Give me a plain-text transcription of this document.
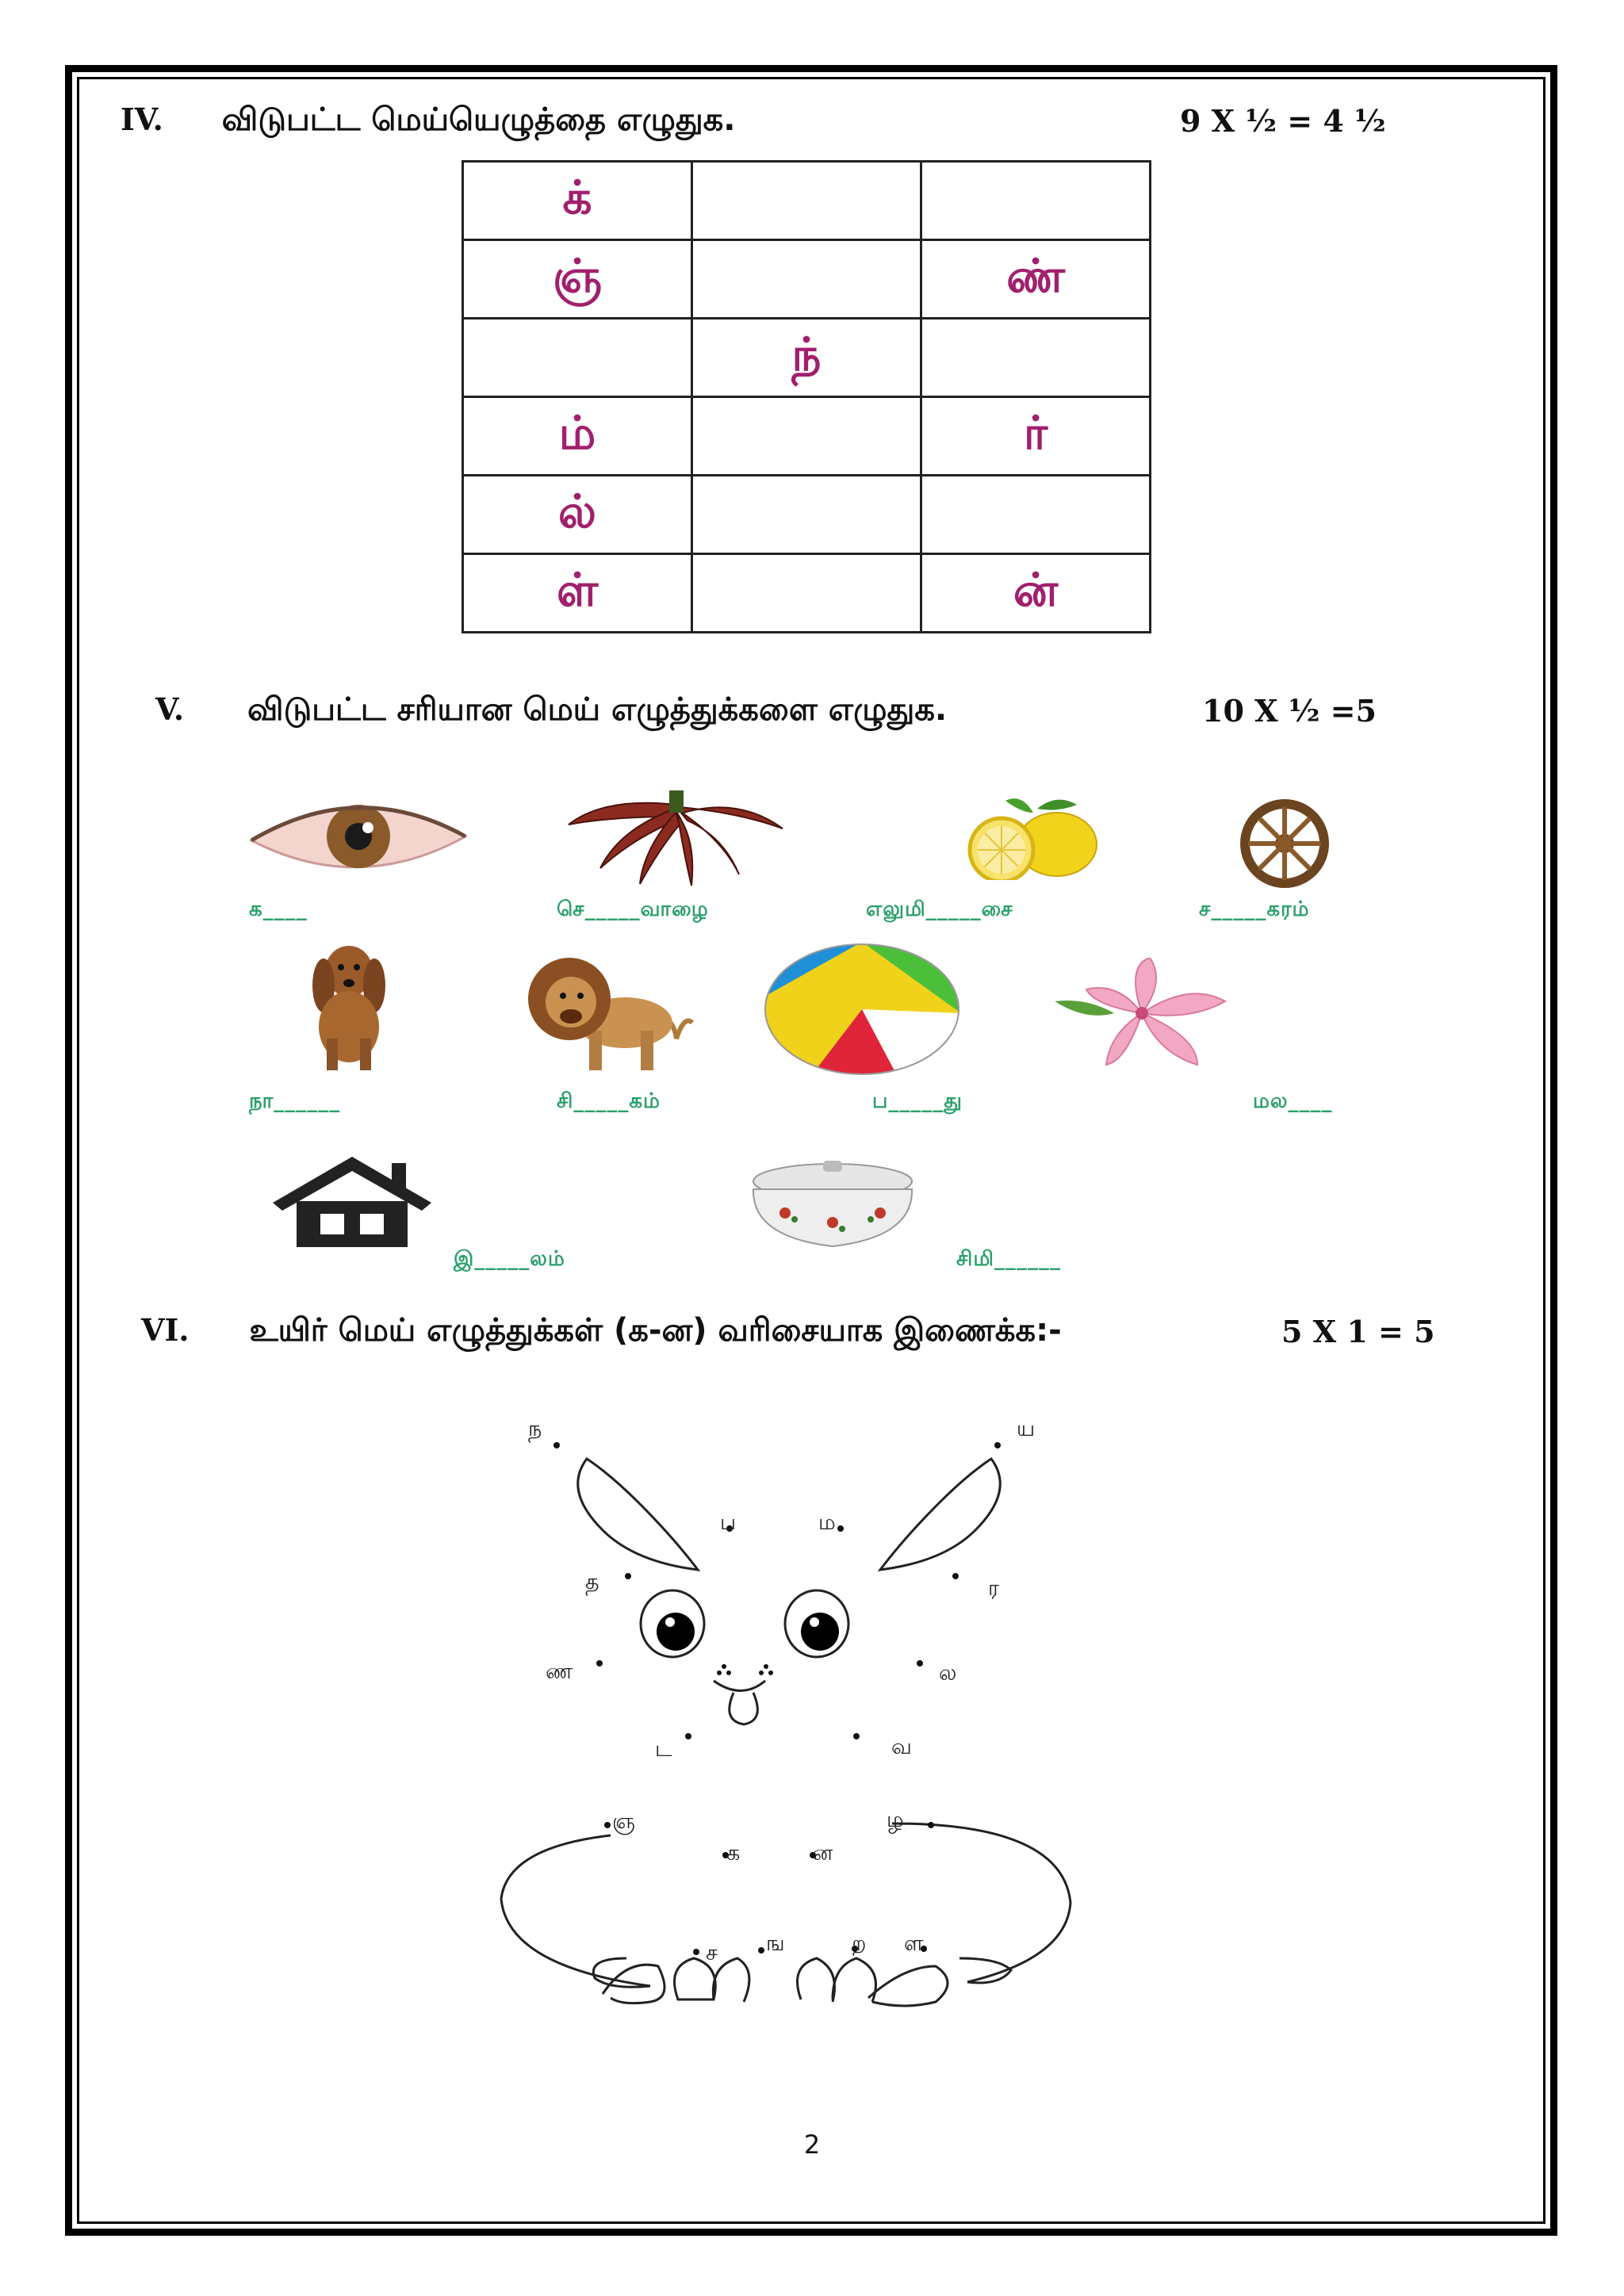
IV. விடுபட்ட மெய்யெழுத்தை எழுதுக.	9 X ½ = 4 ½
க்		
ஞ்		ண்
	ந்	
ம்		ர்
ல்		
ள்		ன்
V. விடுபட்ட சரியான மெய் எழுத்துக்களை எழுதுக.	10 X ½ =5
க____	செ_____வாழை	எலுமி_____சை	ச_____கரம்
நா______	சி_____கம்	ப_____து	மல____
இ_____லம்	சிமி______
VI. உயிர் மெய் எழுத்துக்கள் (க-ன) வரிசையாக இணைக்க:-	5 X 1 = 5
ந	ய
ப	ம
த	ர
ண	ல
ட	வ
ஞ	ழ
க	ன
ச ங	ற ள
2
